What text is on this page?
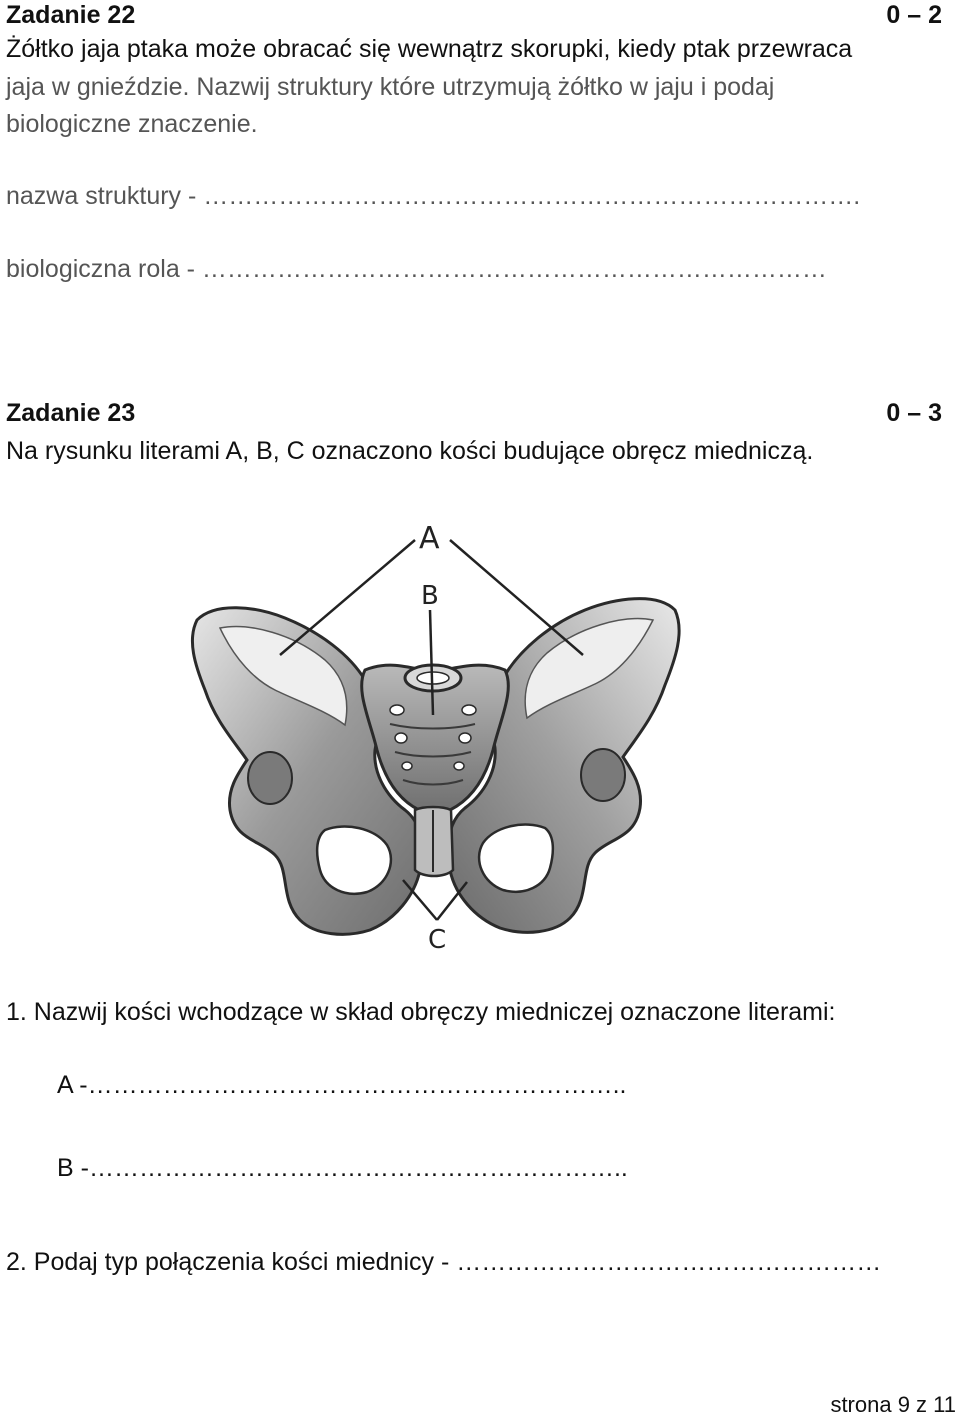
Zadanie 22	0 – 2
Żółtko jaja ptaka może obracać się wewnątrz skorupki, kiedy ptak przewraca
jaja w gnieździe. Nazwij struktury które utrzymują żółtko w jaju i podaj
biologiczne znaczenie.
nazwa struktury - …………………………………………………………………….
biologiczna rola - …………………………………………………………………
Zadanie 23	0 – 3
Na rysunku literami A, B, C oznaczono kości budujące obręcz miedniczą.
A
B
C
1. Nazwij kości wchodzące w skład obręczy miedniczej oznaczone literami:
A -………………………………………………………..
B -………………………………………………………..
2. Podaj typ połączenia kości miednicy - ……………………………………………
strona 9 z 11
